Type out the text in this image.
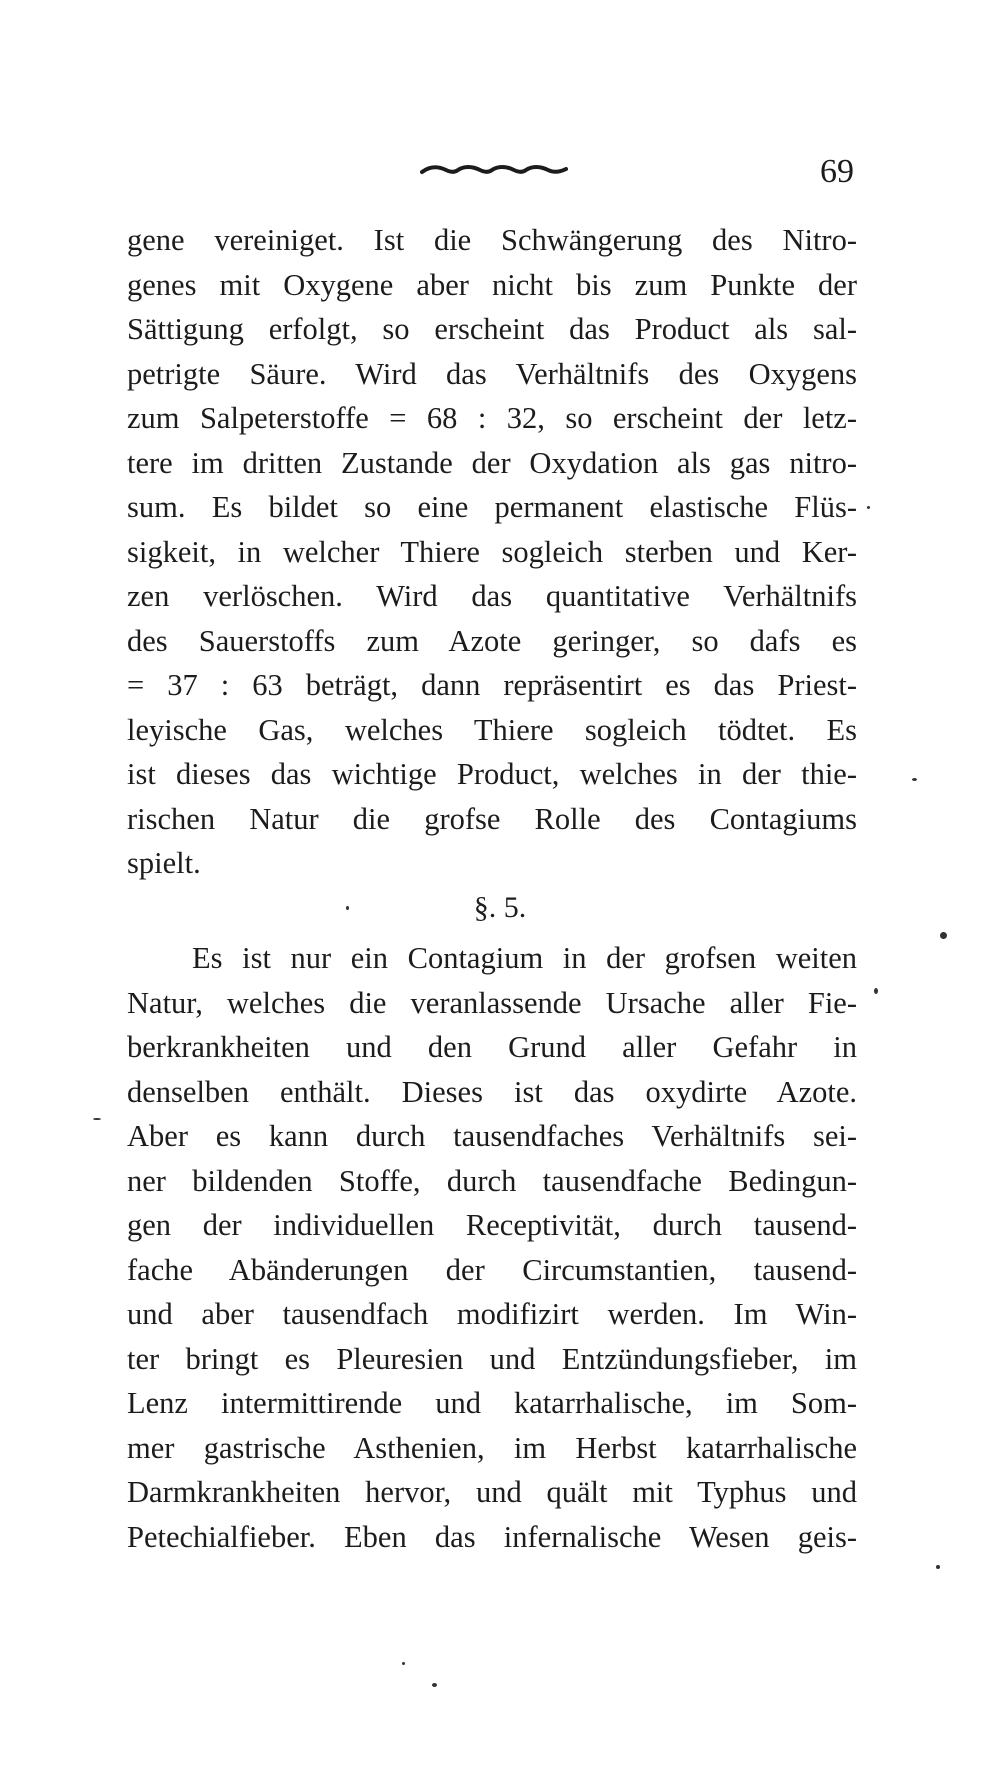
69
gene vereiniget. Ist die Schwängerung des Nitro-
genes mit Oxygene aber nicht bis zum Punkte der
Sättigung erfolgt, so erscheint das Product als sal-
petrigte Säure. Wird das Verhältnifs des Oxygens
zum Salpeterstoffe = 68 : 32, so erscheint der letz-
tere im dritten Zustande der Oxydation als gas nitro-
sum. Es bildet so eine permanent elastische Flüs-
sigkeit, in welcher Thiere sogleich sterben und Ker-
zen verlöschen. Wird das quantitative Verhältnifs
des Sauerstoffs zum Azote geringer, so dafs es
= 37 : 63 beträgt, dann repräsentirt es das Priest-
leyische Gas, welches Thiere sogleich tödtet. Es
ist dieses das wichtige Product, welches in der thie-
rischen Natur die grofse Rolle des Contagiums
spielt.
§. 5.
Es ist nur ein Contagium in der grofsen weiten
Natur, welches die veranlassende Ursache aller Fie-
berkrankheiten und den Grund aller Gefahr in
denselben enthält. Dieses ist das oxydirte Azote.
Aber es kann durch tausendfaches Verhältnifs sei-
ner bildenden Stoffe, durch tausendfache Bedingun-
gen der individuellen Receptivität, durch tausend-
fache Abänderungen der Circumstantien, tausend-
und aber tausendfach modifizirt werden. Im Win-
ter bringt es Pleuresien und Entzündungsfieber, im
Lenz intermittirende und katarrhalische, im Som-
mer gastrische Asthenien, im Herbst katarrhalische
Darmkrankheiten hervor, und quält mit Typhus und
Petechialfieber. Eben das infernalische Wesen geis-
